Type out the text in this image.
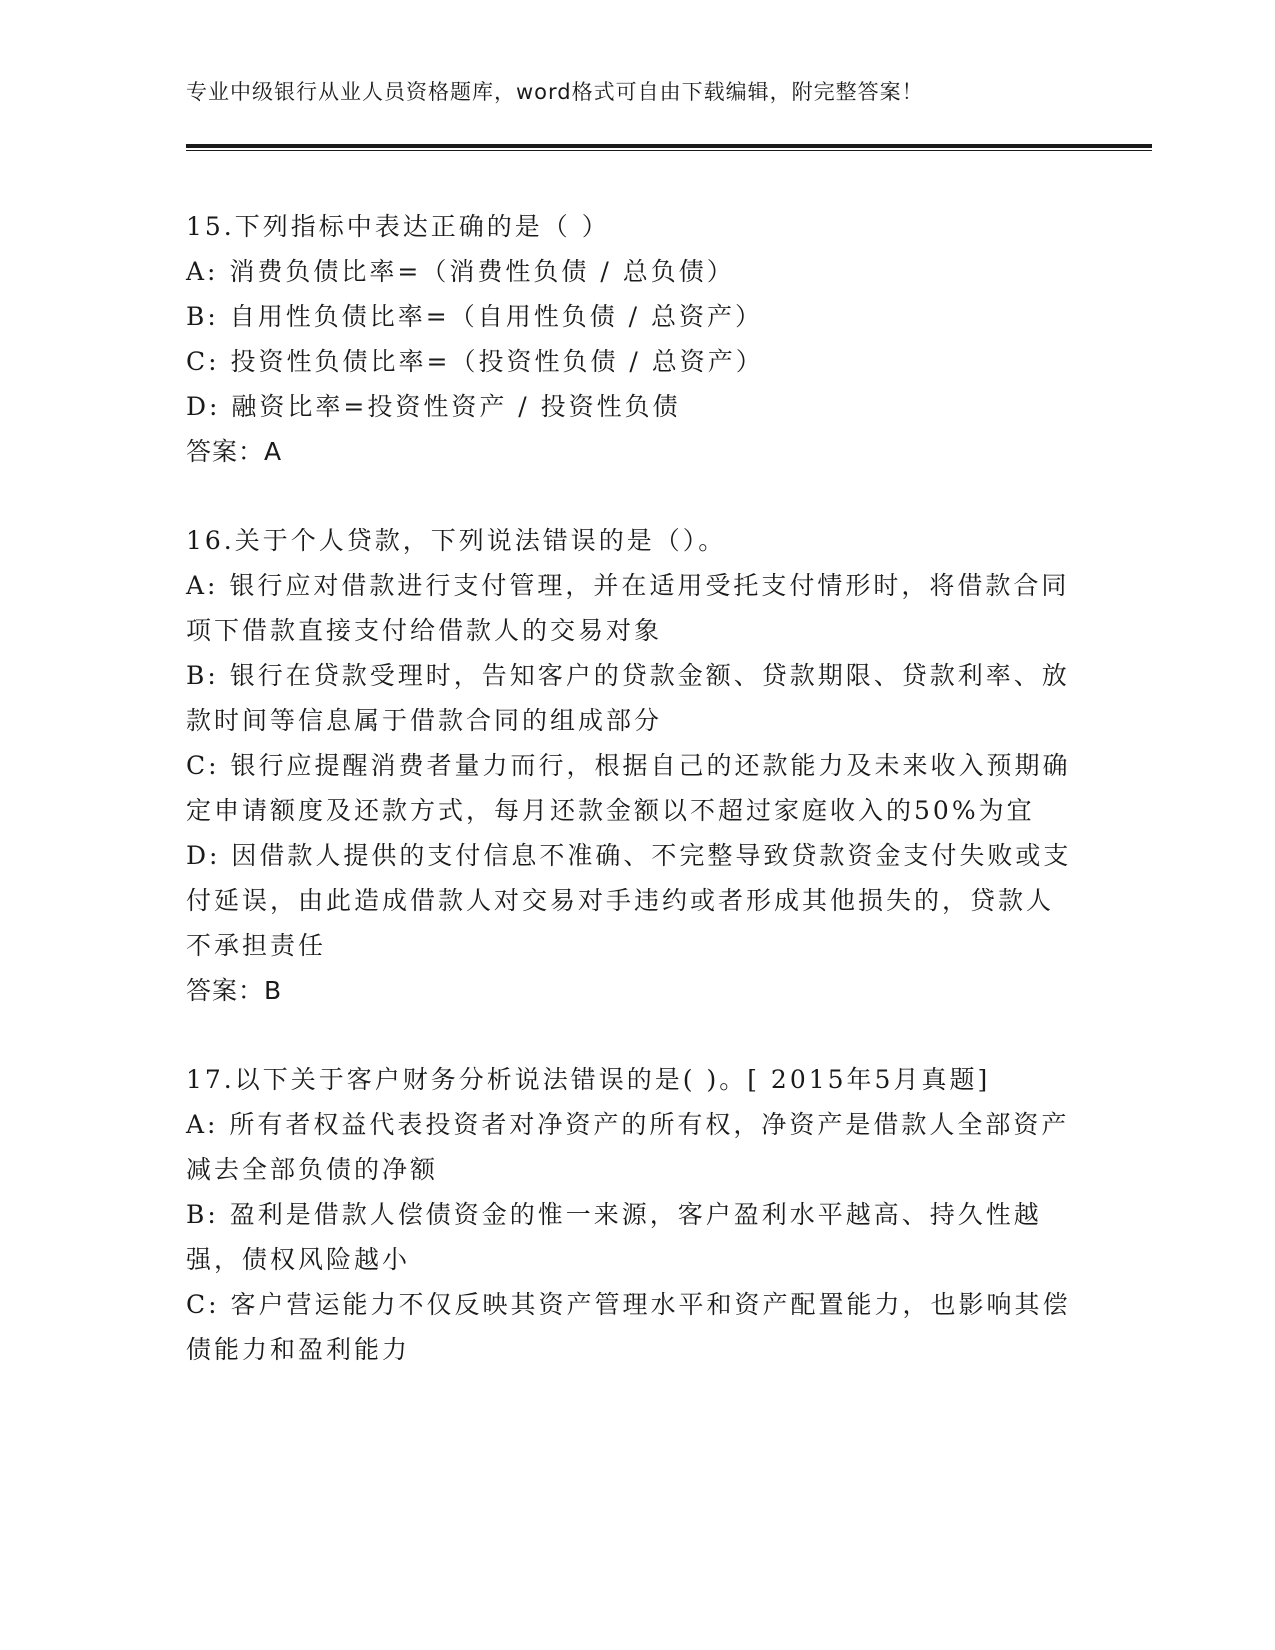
专业中级银行从业人员资格题库，word格式可自由下载编辑，附完整答案！
15.下列指标中表达正确的是（ ）
A: 消费负债比率=（消费性负债 / 总负债）
B: 自用性负债比率=（自用性负债 / 总资产）
C: 投资性负债比率=（投资性负债 / 总资产）
D: 融资比率=投资性资产 / 投资性负债
答案：A
16.关于个人贷款，下列说法错误的是（）。
A: 银行应对借款进行支付管理，并在适用受托支付情形时，将借款合同项下借款直接支付给借款人的交易对象
B: 银行在贷款受理时，告知客户的贷款金额、贷款期限、贷款利率、放款时间等信息属于借款合同的组成部分
C: 银行应提醒消费者量力而行，根据自己的还款能力及未来收入预期确定申请额度及还款方式，每月还款金额以不超过家庭收入的50%为宜
D: 因借款人提供的支付信息不准确、不完整导致贷款资金支付失败或支付延误，由此造成借款人对交易对手违约或者形成其他损失的，贷款人不承担责任
答案：B
17.以下关于客户财务分析说法错误的是( )。[ 2015年5月真题]
A: 所有者权益代表投资者对净资产的所有权，净资产是借款人全部资产减去全部负债的净额
B: 盈利是借款人偿债资金的惟一来源，客户盈利水平越高、持久性越强，债权风险越小
C: 客户营运能力不仅反映其资产管理水平和资产配置能力，也影响其偿债能力和盈利能力
